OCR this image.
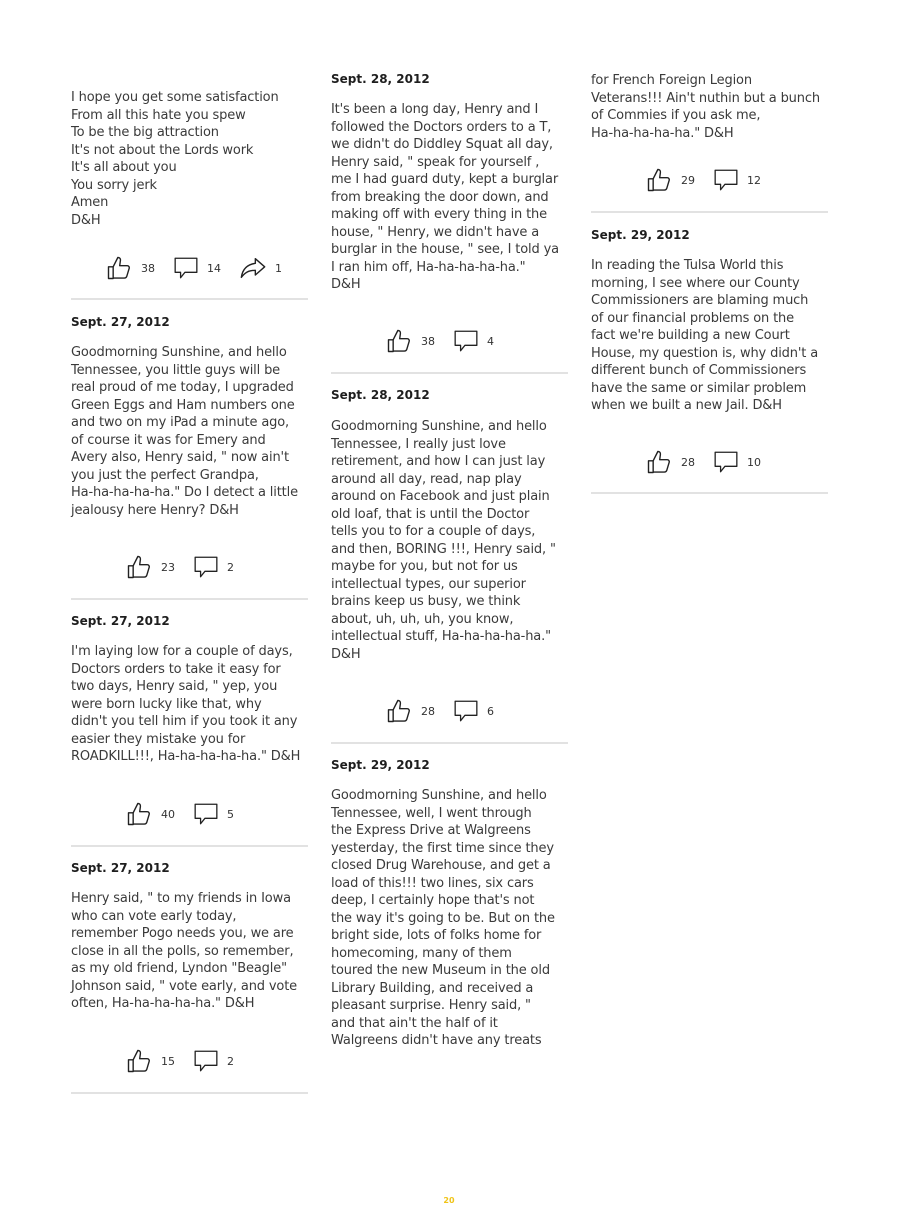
I hope you get some satisfaction
From all this hate you spew
To be the big attraction
It's not about the Lords work
It's all about you
You sorry jerk
Amen
D&H
38	14	1

Sept. 27, 2012

Goodmorning Sunshine, and hello
Tennessee, you little guys will be
real proud of me today, I upgraded
Green Eggs and Ham numbers one
and two on my iPad a minute ago,
of course it was for Emery and
Avery also, Henry said, " now ain't
you just the perfect Grandpa,
Ha-ha-ha-ha-ha." Do I detect a little
jealousy here Henry? D&H
23	2

Sept. 27, 2012

I'm laying low for a couple of days,
Doctors orders to take it easy for
two days, Henry said, " yep, you
were born lucky like that, why
didn't you tell him if you took it any
easier they mistake you for
ROADKILL!!!, Ha-ha-ha-ha-ha." D&H
40	5

Sept. 27, 2012

Henry said, " to my friends in Iowa
who can vote early today,
remember Pogo needs you, we are
close in all the polls, so remember,
as my old friend, Lyndon "Beagle"
Johnson said, " vote early, and vote
often, Ha-ha-ha-ha-ha." D&H
15	2

Sept. 28, 2012

It's been a long day, Henry and I
followed the Doctors orders to a T,
we didn't do Diddley Squat all day,
Henry said, " speak for yourself ,
me I had guard duty, kept a burglar
from breaking the door down, and
making off with every thing in the
house, " Henry, we didn't have a
burglar in the house, " see, I told ya
I ran him off, Ha-ha-ha-ha-ha."
D&H
38	4

Sept. 28, 2012

Goodmorning Sunshine, and hello
Tennessee, I really just love
retirement, and how I can just lay
around all day, read, nap play
around on Facebook and just plain
old loaf, that is until the Doctor
tells you to for a couple of days,
and then, BORING !!!, Henry said, "
maybe for you, but not for us
intellectual types, our superior
brains keep us busy, we think
about, uh, uh, uh, you know,
intellectual stuff, Ha-ha-ha-ha-ha."
D&H
28	6

Sept. 29, 2012

Goodmorning Sunshine, and hello
Tennessee, well, I went through
the Express Drive at Walgreens
yesterday, the first time since they
closed Drug Warehouse, and get a
load of this!!! two lines, six cars
deep, I certainly hope that's not
the way it's going to be. But on the
bright side, lots of folks home for
homecoming, many of them
toured the new Museum in the old
Library Building, and received a
pleasant surprise. Henry said, "
and that ain't the half of it
Walgreens didn't have any treats
for French Foreign Legion
Veterans!!! Ain't nuthin but a bunch
of Commies if you ask me,
Ha-ha-ha-ha-ha." D&H
29	12

Sept. 29, 2012

In reading the Tulsa World this
morning, I see where our County
Commissioners are blaming much
of our financial problems on the
fact we're building a new Court
House, my question is, why didn't a
different bunch of Commissioners
have the same or similar problem
when we built a new Jail. D&H
28	10
20
